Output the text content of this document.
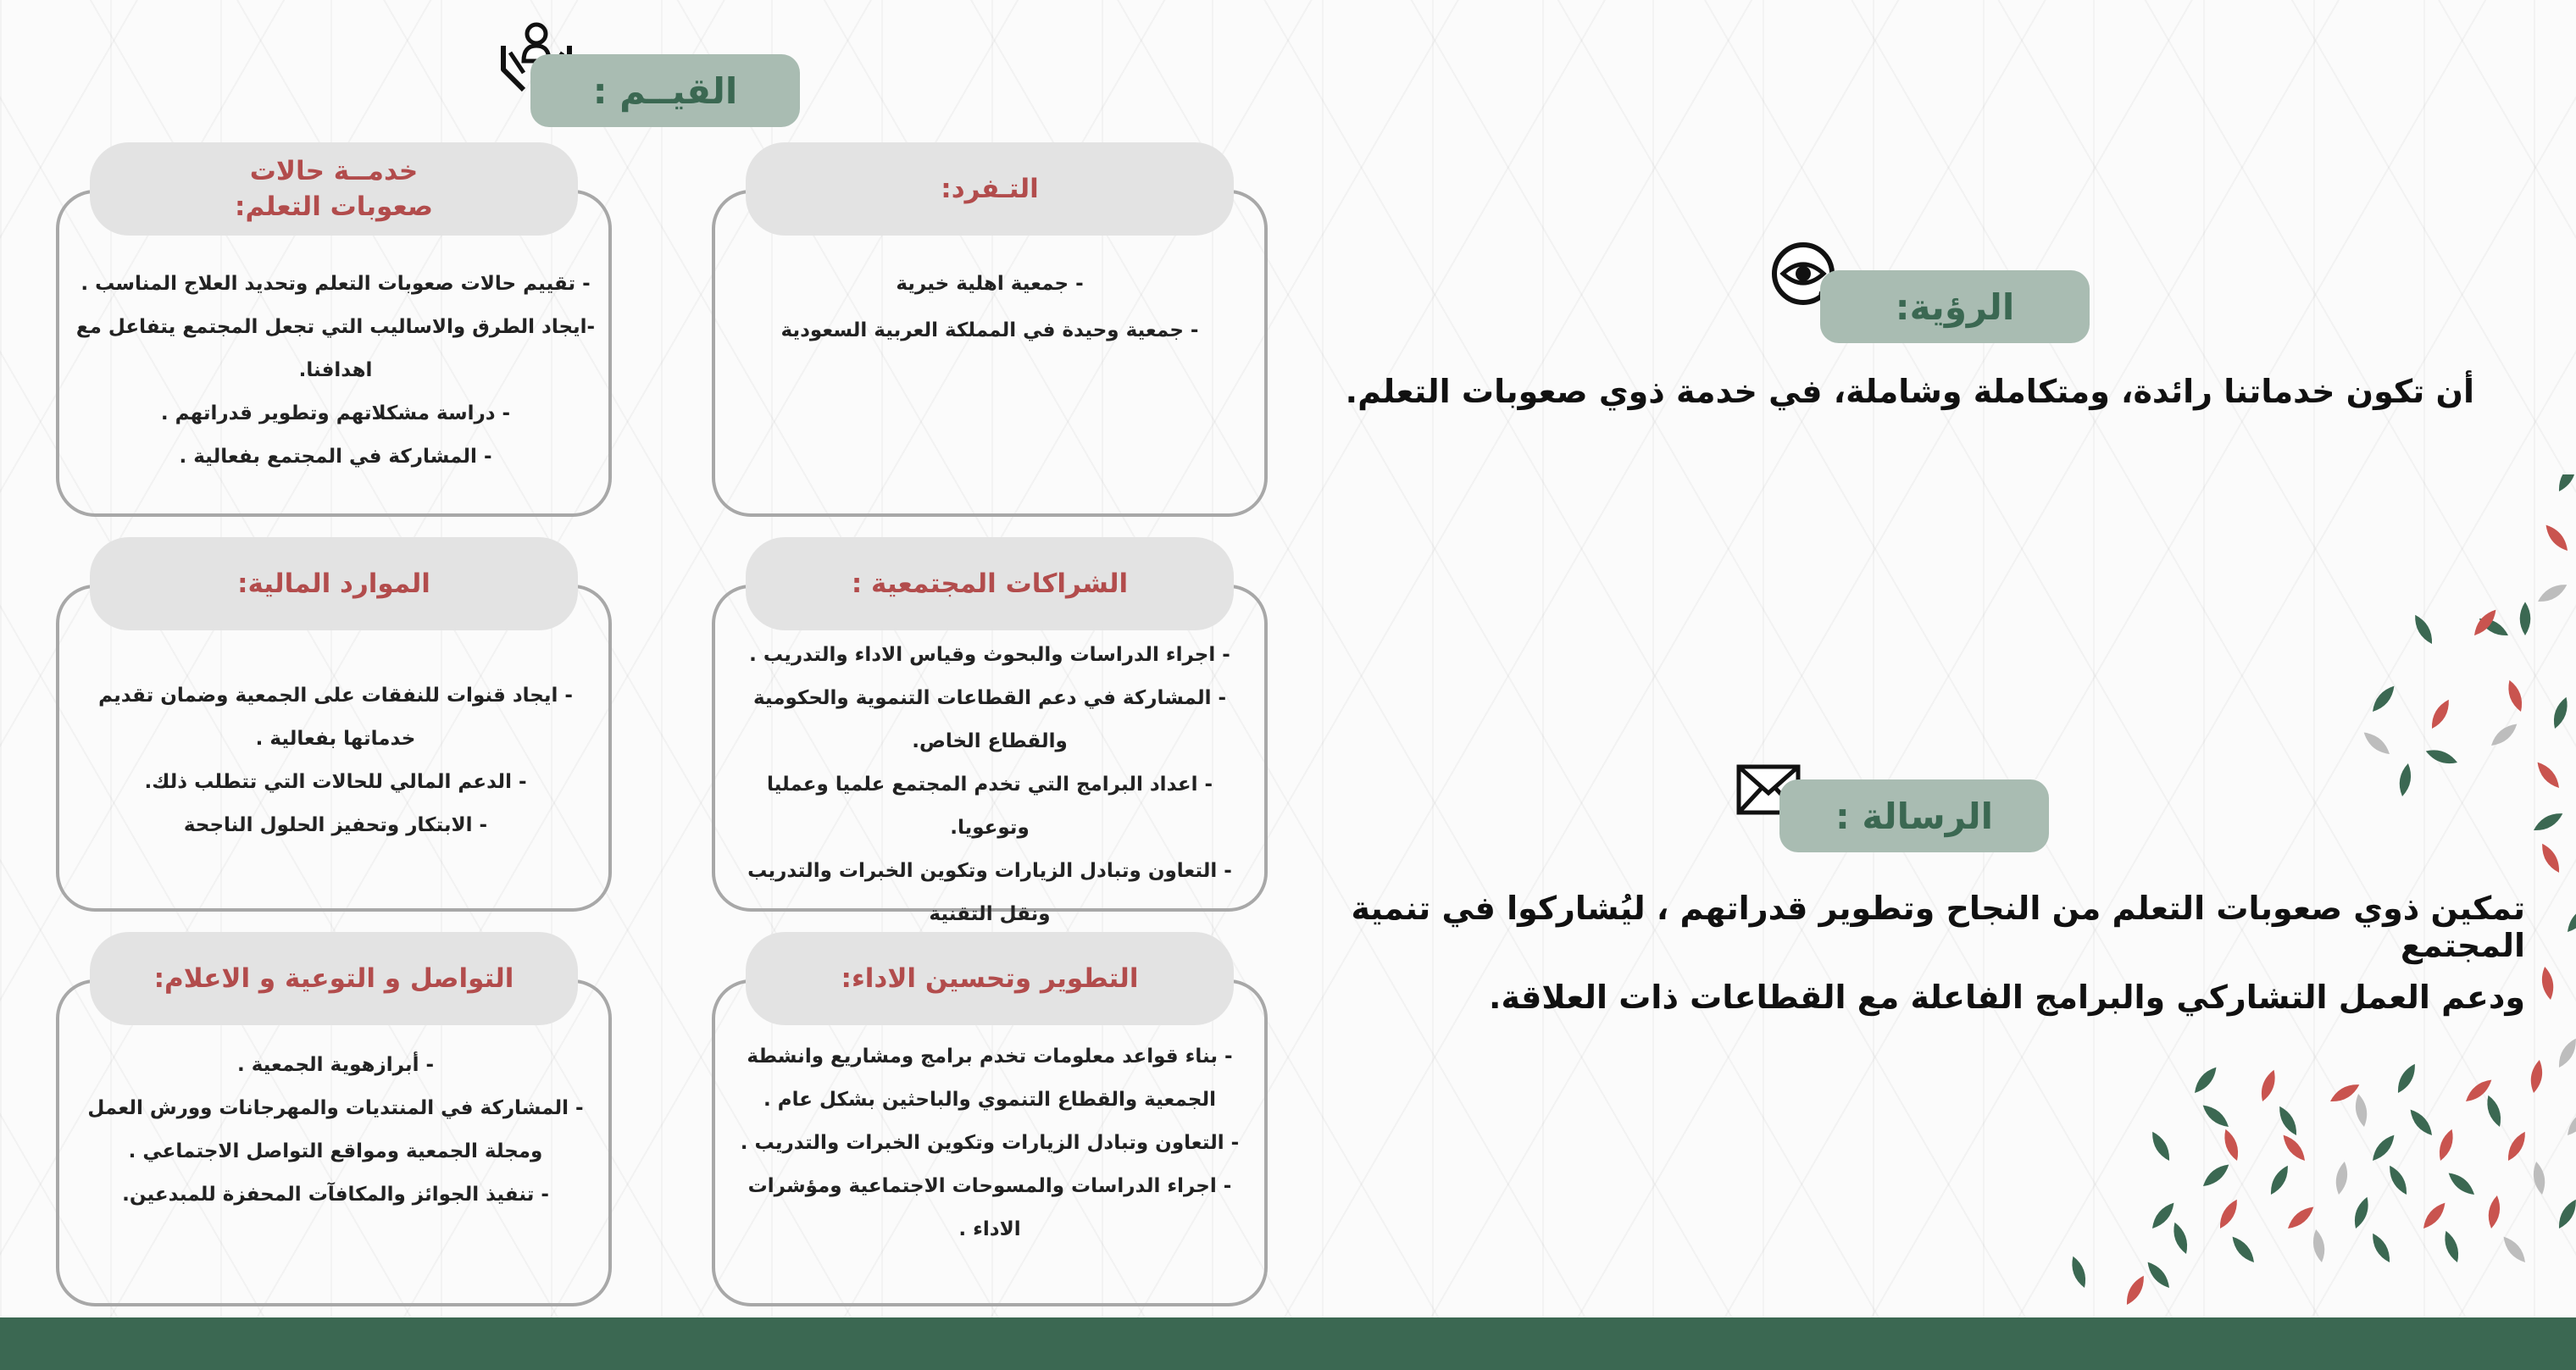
الرؤية:
أن تكون خدماتنا رائدة، ومتكاملة وشاملة، في خدمة ذوي صعوبات التعلم.
الرسالة :
تمكين ذوي صعوبات التعلم من النجاح وتطوير قدراتهم ، ليُشاركوا في تنمية المجتمع
ودعم العمل التشاركي والبرامج الفاعلة مع القطاعات ذات العلاقة.
القيــم :
التـفرد:
- جمعية اهلية خيرية
- جمعية وحيدة في المملكة العربية السعودية
خدمــة حالات
صعوبات التعلم:
- تقييم حالات صعوبات التعلم وتحديد العلاج المناسب .
-ايجاد الطرق والاساليب التي تجعل المجتمع يتفاعل مع اهدافنا.
- دراسة مشكلاتهم وتطوير قدراتهم .
- المشاركة في المجتمع بفعالية .
الشراكات المجتمعية :
- اجراء الدراسات والبحوث وقياس الاداء والتدريب .
- المشاركة في دعم القطاعات التنموية والحكومية والقطاع الخاص.
- اعداد البرامج التي تخدم المجتمع علميا وعمليا وتوعويا.
- التعاون وتبادل الزيارات وتكوين الخبرات والتدريب ونقل التقنية
الموارد المالية:
- ايجاد قنوات للنفقات على الجمعية وضمان تقديم خدماتها بفعالية .
- الدعم المالي للحالات التي تتطلب ذلك.
- الابتكار وتحفيز الحلول الناجحة
التطوير وتحسين الاداء:
- بناء قواعد معلومات تخدم برامج ومشاريع وانشطة الجمعية والقطاع التنموي والباحثين بشكل عام .
- التعاون وتبادل الزيارات وتكوين الخبرات والتدريب .
- اجراء الدراسات والمسوحات الاجتماعية ومؤشرات الاداء .
التواصل و التوعية و الاعلام:
- أبرازهوية الجمعية .
- المشاركة في المنتديات والمهرجانات وورش العمل ومجلة الجمعية ومواقع التواصل الاجتماعي .
- تنفيذ الجوائز والمكافآت المحفزة للمبدعين.
